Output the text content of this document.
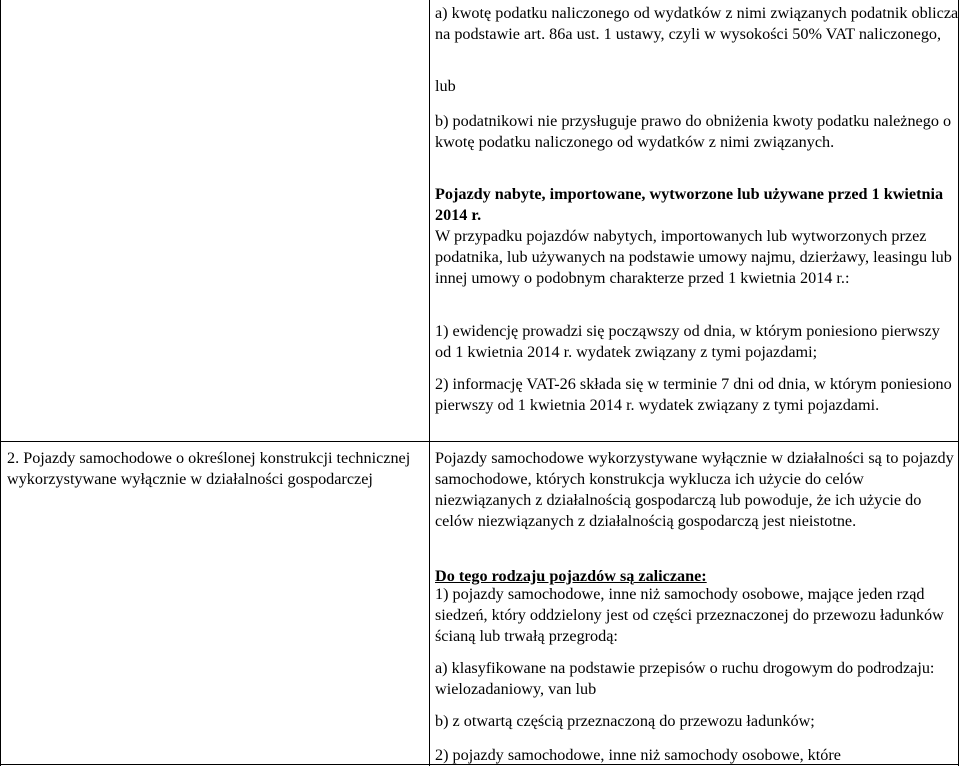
a) kwotę podatku naliczonego od wydatków z nimi związanych podatnik oblicza na podstawie art. 86a ust. 1 ustawy, czyli w wysokości 50% VAT naliczonego,

lub

b) podatnikowi nie przysługuje prawo do obniżenia kwoty podatku należnego o kwotę podatku naliczonego od wydatków z nimi związanych.

Pojazdy nabyte, importowane, wytworzone lub używane przed 1 kwietnia 2014 r.

W przypadku pojazdów nabytych, importowanych lub wytworzonych przez podatnika, lub używanych na podstawie umowy najmu, dzierżawy, leasingu lub innej umowy o podobnym charakterze przed 1 kwietnia 2014 r.:

1) ewidencję prowadzi się począwszy od dnia, w którym poniesiono pierwszy od 1 kwietnia 2014 r. wydatek związany z tymi pojazdami;

2) informację VAT-26 składa się w terminie 7 dni od dnia, w którym poniesiono pierwszy od 1 kwietnia 2014 r. wydatek związany z tymi pojazdami.

2. Pojazdy samochodowe o określonej konstrukcji technicznej wykorzystywane wyłącznie w działalności gospodarczej

Pojazdy samochodowe wykorzystywane wyłącznie w działalności są to pojazdy samochodowe, których konstrukcja wyklucza ich użycie do celów niezwiązanych z działalnością gospodarczą lub powoduje, że ich użycie do celów niezwiązanych z działalnością gospodarczą jest nieistotne.

Do tego rodzaju pojazdów są zaliczane:

1) pojazdy samochodowe, inne niż samochody osobowe, mające jeden rząd siedzeń, który oddzielony jest od części przeznaczonej do przewozu ładunków ścianą lub trwałą przegrodą:

a) klasyfikowane na podstawie przepisów o ruchu drogowym do podrodzaju: wielozadaniowy, van lub

b) z otwartą częścią przeznaczoną do przewozu ładunków;

2) pojazdy samochodowe, inne niż samochody osobowe, które
